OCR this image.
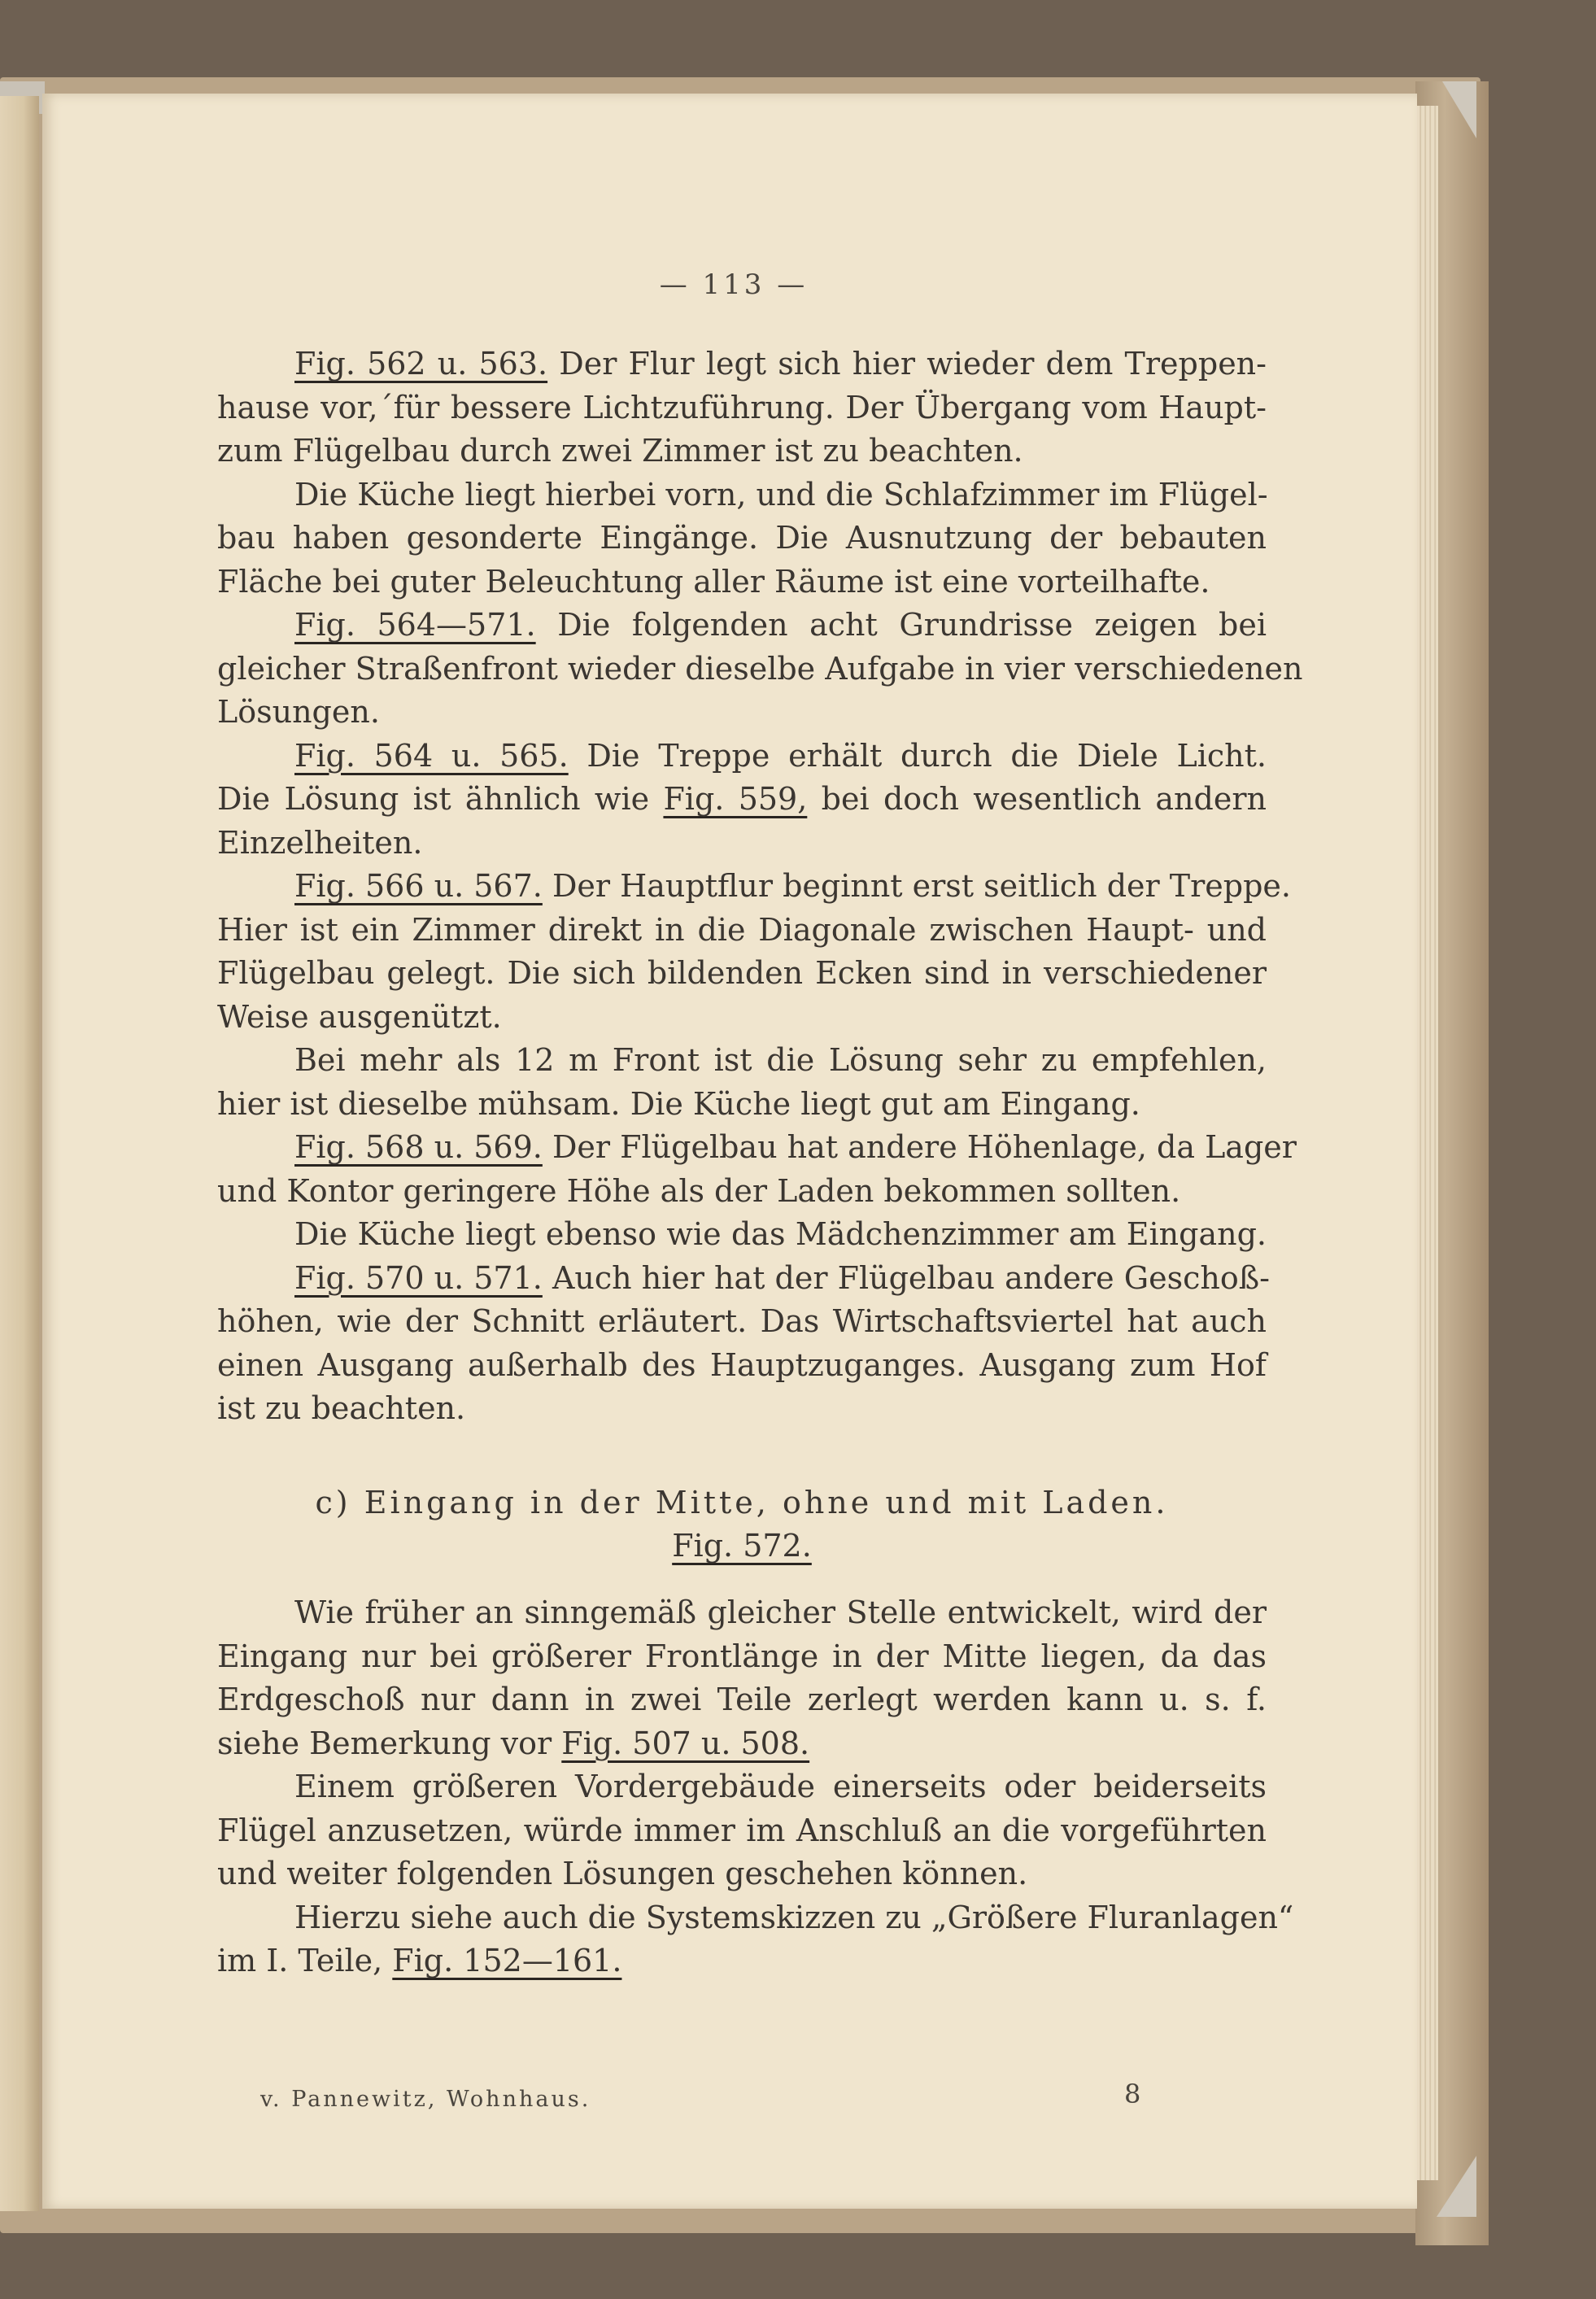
— 113 —
Fig. 562 u. 563. Der Flur legt sich hier wieder dem Treppen-
hause vor,´für bessere Lichtzuführung. Der Übergang vom Haupt-
zum Flügelbau durch zwei Zimmer ist zu beachten.
Die Küche liegt hierbei vorn, und die Schlafzimmer im Flügel-
bau haben gesonderte Eingänge. Die Ausnutzung der bebauten
Fläche bei guter Beleuchtung aller Räume ist eine vorteilhafte.
Fig. 564—571. Die folgenden acht Grundrisse zeigen bei
gleicher Straßenfront wieder dieselbe Aufgabe in vier verschiedenen
Lösungen.
Fig. 564 u. 565. Die Treppe erhält durch die Diele Licht.
Die Lösung ist ähnlich wie Fig. 559, bei doch wesentlich andern
Einzelheiten.
Fig. 566 u. 567. Der Hauptflur beginnt erst seitlich der Treppe.
Hier ist ein Zimmer direkt in die Diagonale zwischen Haupt- und
Flügelbau gelegt. Die sich bildenden Ecken sind in verschiedener
Weise ausgenützt.
Bei mehr als 12 m Front ist die Lösung sehr zu empfehlen,
hier ist dieselbe mühsam. Die Küche liegt gut am Eingang.
Fig. 568 u. 569. Der Flügelbau hat andere Höhenlage, da Lager
und Kontor geringere Höhe als der Laden bekommen sollten.
Die Küche liegt ebenso wie das Mädchenzimmer am Eingang.
Fig. 570 u. 571. Auch hier hat der Flügelbau andere Geschoß-
höhen, wie der Schnitt erläutert. Das Wirtschaftsviertel hat auch
einen Ausgang außerhalb des Hauptzuganges. Ausgang zum Hof
ist zu beachten.
c) Eingang in der Mitte, ohne und mit Laden.
Fig. 572.
Wie früher an sinngemäß gleicher Stelle entwickelt, wird der
Eingang nur bei größerer Frontlänge in der Mitte liegen, da das
Erdgeschoß nur dann in zwei Teile zerlegt werden kann u. s. f.
siehe Bemerkung vor Fig. 507 u. 508.
Einem größeren Vordergebäude einerseits oder beiderseits
Flügel anzusetzen, würde immer im Anschluß an die vorgeführten
und weiter folgenden Lösungen geschehen können.
Hierzu siehe auch die Systemskizzen zu „Größere Fluranlagen“
im I. Teile, Fig. 152—161.
v. Pannewitz, Wohnhaus.	8
